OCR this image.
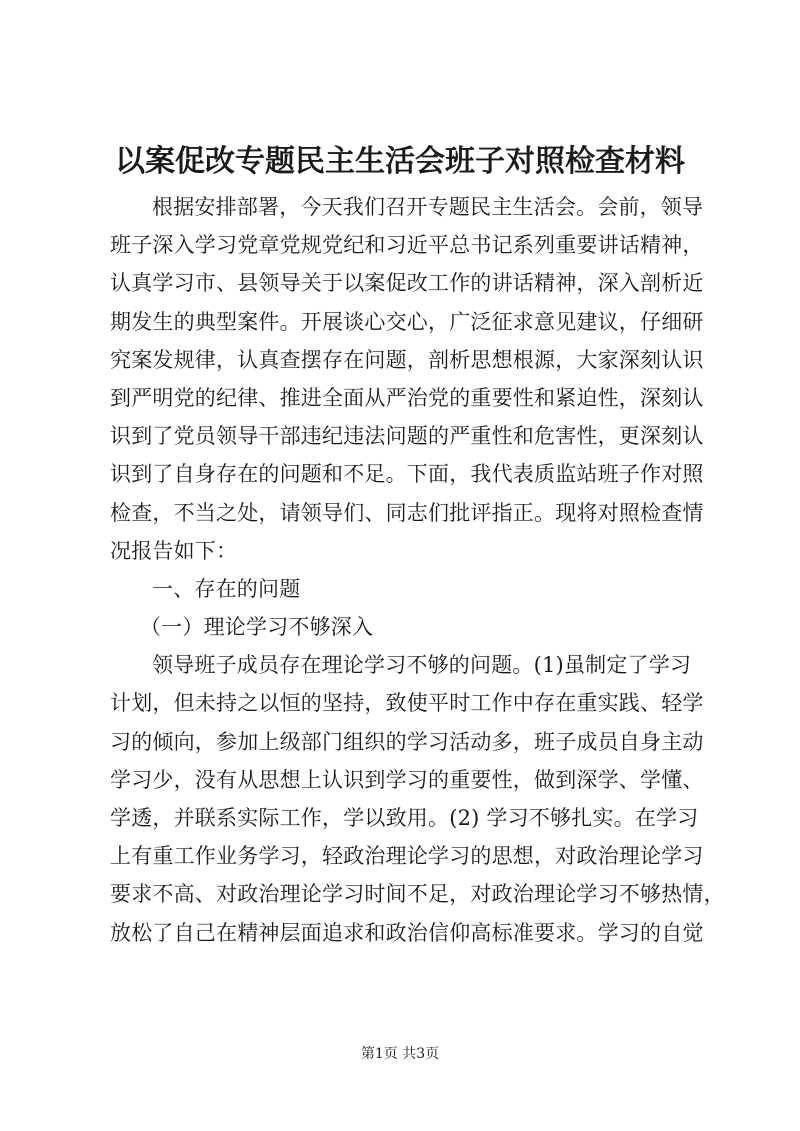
以案促改专题民主生活会班子对照检查材料
根据安排部署，今天我们召开专题民主生活会。会前，领导
班子深入学习党章党规党纪和习近平总书记系列重要讲话精神，
认真学习市、县领导关于以案促改工作的讲话精神，深入剖析近
期发生的典型案件。开展谈心交心，广泛征求意见建议，仔细研
究案发规律，认真查摆存在问题，剖析思想根源，大家深刻认识
到严明党的纪律、推进全面从严治党的重要性和紧迫性，深刻认
识到了党员领导干部违纪违法问题的严重性和危害性，更深刻认
识到了自身存在的问题和不足。下面，我代表质监站班子作对照
检查，不当之处，请领导们、同志们批评指正。现将对照检查情
况报告如下：
一、存在的问题
（一）理论学习不够深入
领导班子成员存在理论学习不够的问题。(1)虽制定了学习
计划，但未持之以恒的坚持，致使平时工作中存在重实践、轻学
习的倾向，参加上级部门组织的学习活动多，班子成员自身主动
学习少，没有从思想上认识到学习的重要性，做到深学、学懂、
学透，并联系实际工作，学以致用。(2) 学习不够扎实。在学习
上有重工作业务学习，轻政治理论学习的思想，对政治理论学习
要求不高、对政治理论学习时间不足，对政治理论学习不够热情，
放松了自己在精神层面追求和政治信仰高标准要求。学习的自觉
第1页 共3页
